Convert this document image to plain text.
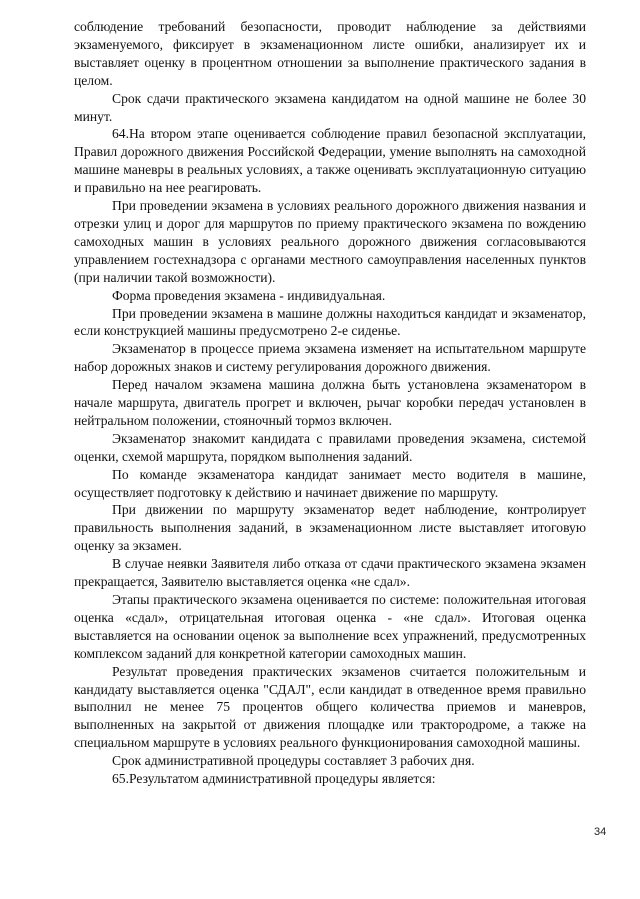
соблюдение требований безопасности, проводит наблюдение за действиями экзаменуемого, фиксирует в экзаменационном листе ошибки, анализирует их и выставляет оценку в процентном отношении за выполнение практического задания в целом.

Срок сдачи практического экзамена кандидатом на одной машине не более 30 минут.

64.На втором этапе оценивается соблюдение правил безопасной эксплуатации, Правил дорожного движения Российской Федерации, умение выполнять на самоходной машине маневры в реальных условиях, а также оценивать эксплуатационную ситуацию и правильно на нее реагировать.

При проведении экзамена в условиях реального дорожного движения названия и отрезки улиц и дорог для маршрутов по приему практического экзамена по вождению самоходных машин в условиях реального дорожного движения согласовываются управлением гостехнадзора с органами местного самоуправления населенных пунктов (при наличии такой возможности).

Форма проведения экзамена - индивидуальная.

При проведении экзамена в машине должны находиться кандидат и экзаменатор, если конструкцией машины предусмотрено 2-е сиденье.

Экзаменатор в процессе приема экзамена изменяет на испытательном маршруте набор дорожных знаков и систему регулирования дорожного движения.

Перед началом экзамена машина должна быть установлена экзаменатором в начале маршрута, двигатель прогрет и включен, рычаг коробки передач установлен в нейтральном положении, стояночный тормоз включен.

Экзаменатор знакомит кандидата с правилами проведения экзамена, системой оценки, схемой маршрута, порядком выполнения заданий.

По команде экзаменатора кандидат занимает место водителя в машине, осуществляет подготовку к действию и начинает движение по маршруту.

При движении по маршруту экзаменатор ведет наблюдение, контролирует правильность выполнения заданий, в экзаменационном листе выставляет итоговую оценку за экзамен.

В случае неявки Заявителя либо отказа от сдачи практического экзамена экзамен прекращается, Заявителю выставляется оценка «не сдал».

Этапы практического экзамена оценивается по системе: положительная итоговая оценка «сдал», отрицательная итоговая оценка - «не сдал». Итоговая оценка выставляется на основании оценок за выполнение всех упражнений, предусмотренных комплексом заданий для конкретной категории самоходных машин.

Результат проведения практических экзаменов считается положительным и кандидату выставляется оценка "СДАЛ", если кандидат в отведенное время правильно выполнил не менее 75 процентов общего количества приемов и маневров, выполненных на закрытой от движения площадке или трактородроме, а также на специальном маршруте в условиях реального функционирования самоходной машины.

Срок административной процедуры составляет 3 рабочих дня.

65.Результатом административной процедуры является:

34
